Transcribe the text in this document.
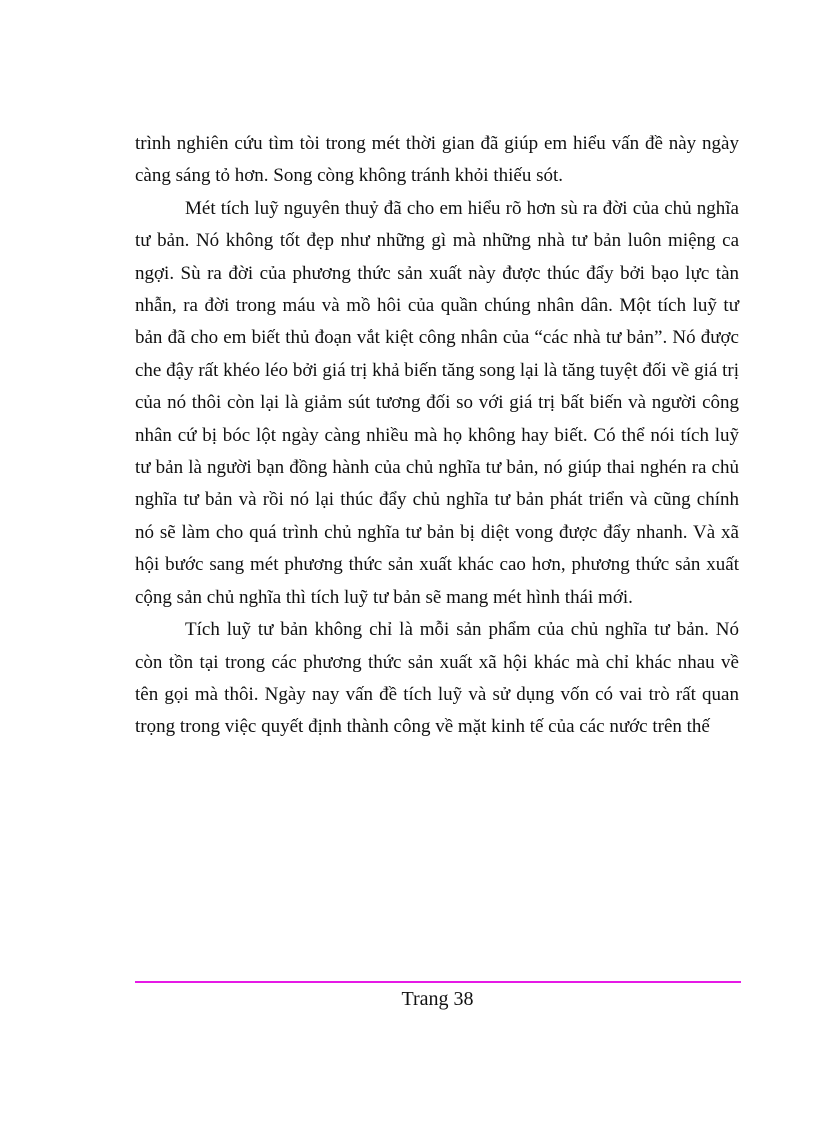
trình nghiên cứu tìm tòi trong mét thời gian đã giúp em hiểu vấn đề này ngày càng sáng tỏ hơn. Song còng không tránh khỏi thiếu sót.

Mét tích luỹ nguyên thuỷ đã cho em hiểu rõ hơn sù ra đời của chủ nghĩa tư bản. Nó không tốt đẹp như những gì mà những nhà tư bản luôn miệng ca ngợi. Sù ra đời của phương thức sản xuất này được thúc đẩy bởi bạo lực tàn nhẫn, ra đời trong máu và mồ hôi của quần chúng nhân dân. Một tích luỹ tư bản đã cho em biết thủ đoạn vắt kiệt công nhân của “các nhà tư bản”. Nó được che đậy rất khéo léo bởi giá trị khả biến tăng song lại là tăng tuyệt đối về giá trị của nó thôi còn lại là giảm sút tương đối so với giá trị bất biến và người công nhân cứ bị bóc lột ngày càng nhiều mà họ không hay biết. Có thể nói tích luỹ tư bản là người bạn đồng hành của chủ nghĩa tư bản, nó giúp thai nghén ra chủ nghĩa tư bản và rồi nó lại thúc đẩy chủ nghĩa tư bản phát triển và cũng chính nó sẽ làm cho quá trình chủ nghĩa tư bản bị diệt vong được đẩy nhanh. Và xã hội bước sang mét phương thức sản xuất khác cao hơn, phương thức sản xuất cộng sản chủ nghĩa thì tích luỹ tư bản sẽ mang mét hình thái mới.

Tích luỹ tư bản không chỉ là mỗi sản phẩm của chủ nghĩa tư bản. Nó còn tồn tại trong các phương thức sản xuất xã hội khác mà chỉ khác nhau về tên gọi mà thôi. Ngày nay vấn đề tích luỹ và sử dụng vốn có vai trò rất quan trọng trong việc quyết định thành công về mặt kinh tế của các nước trên thế

Trang 38
